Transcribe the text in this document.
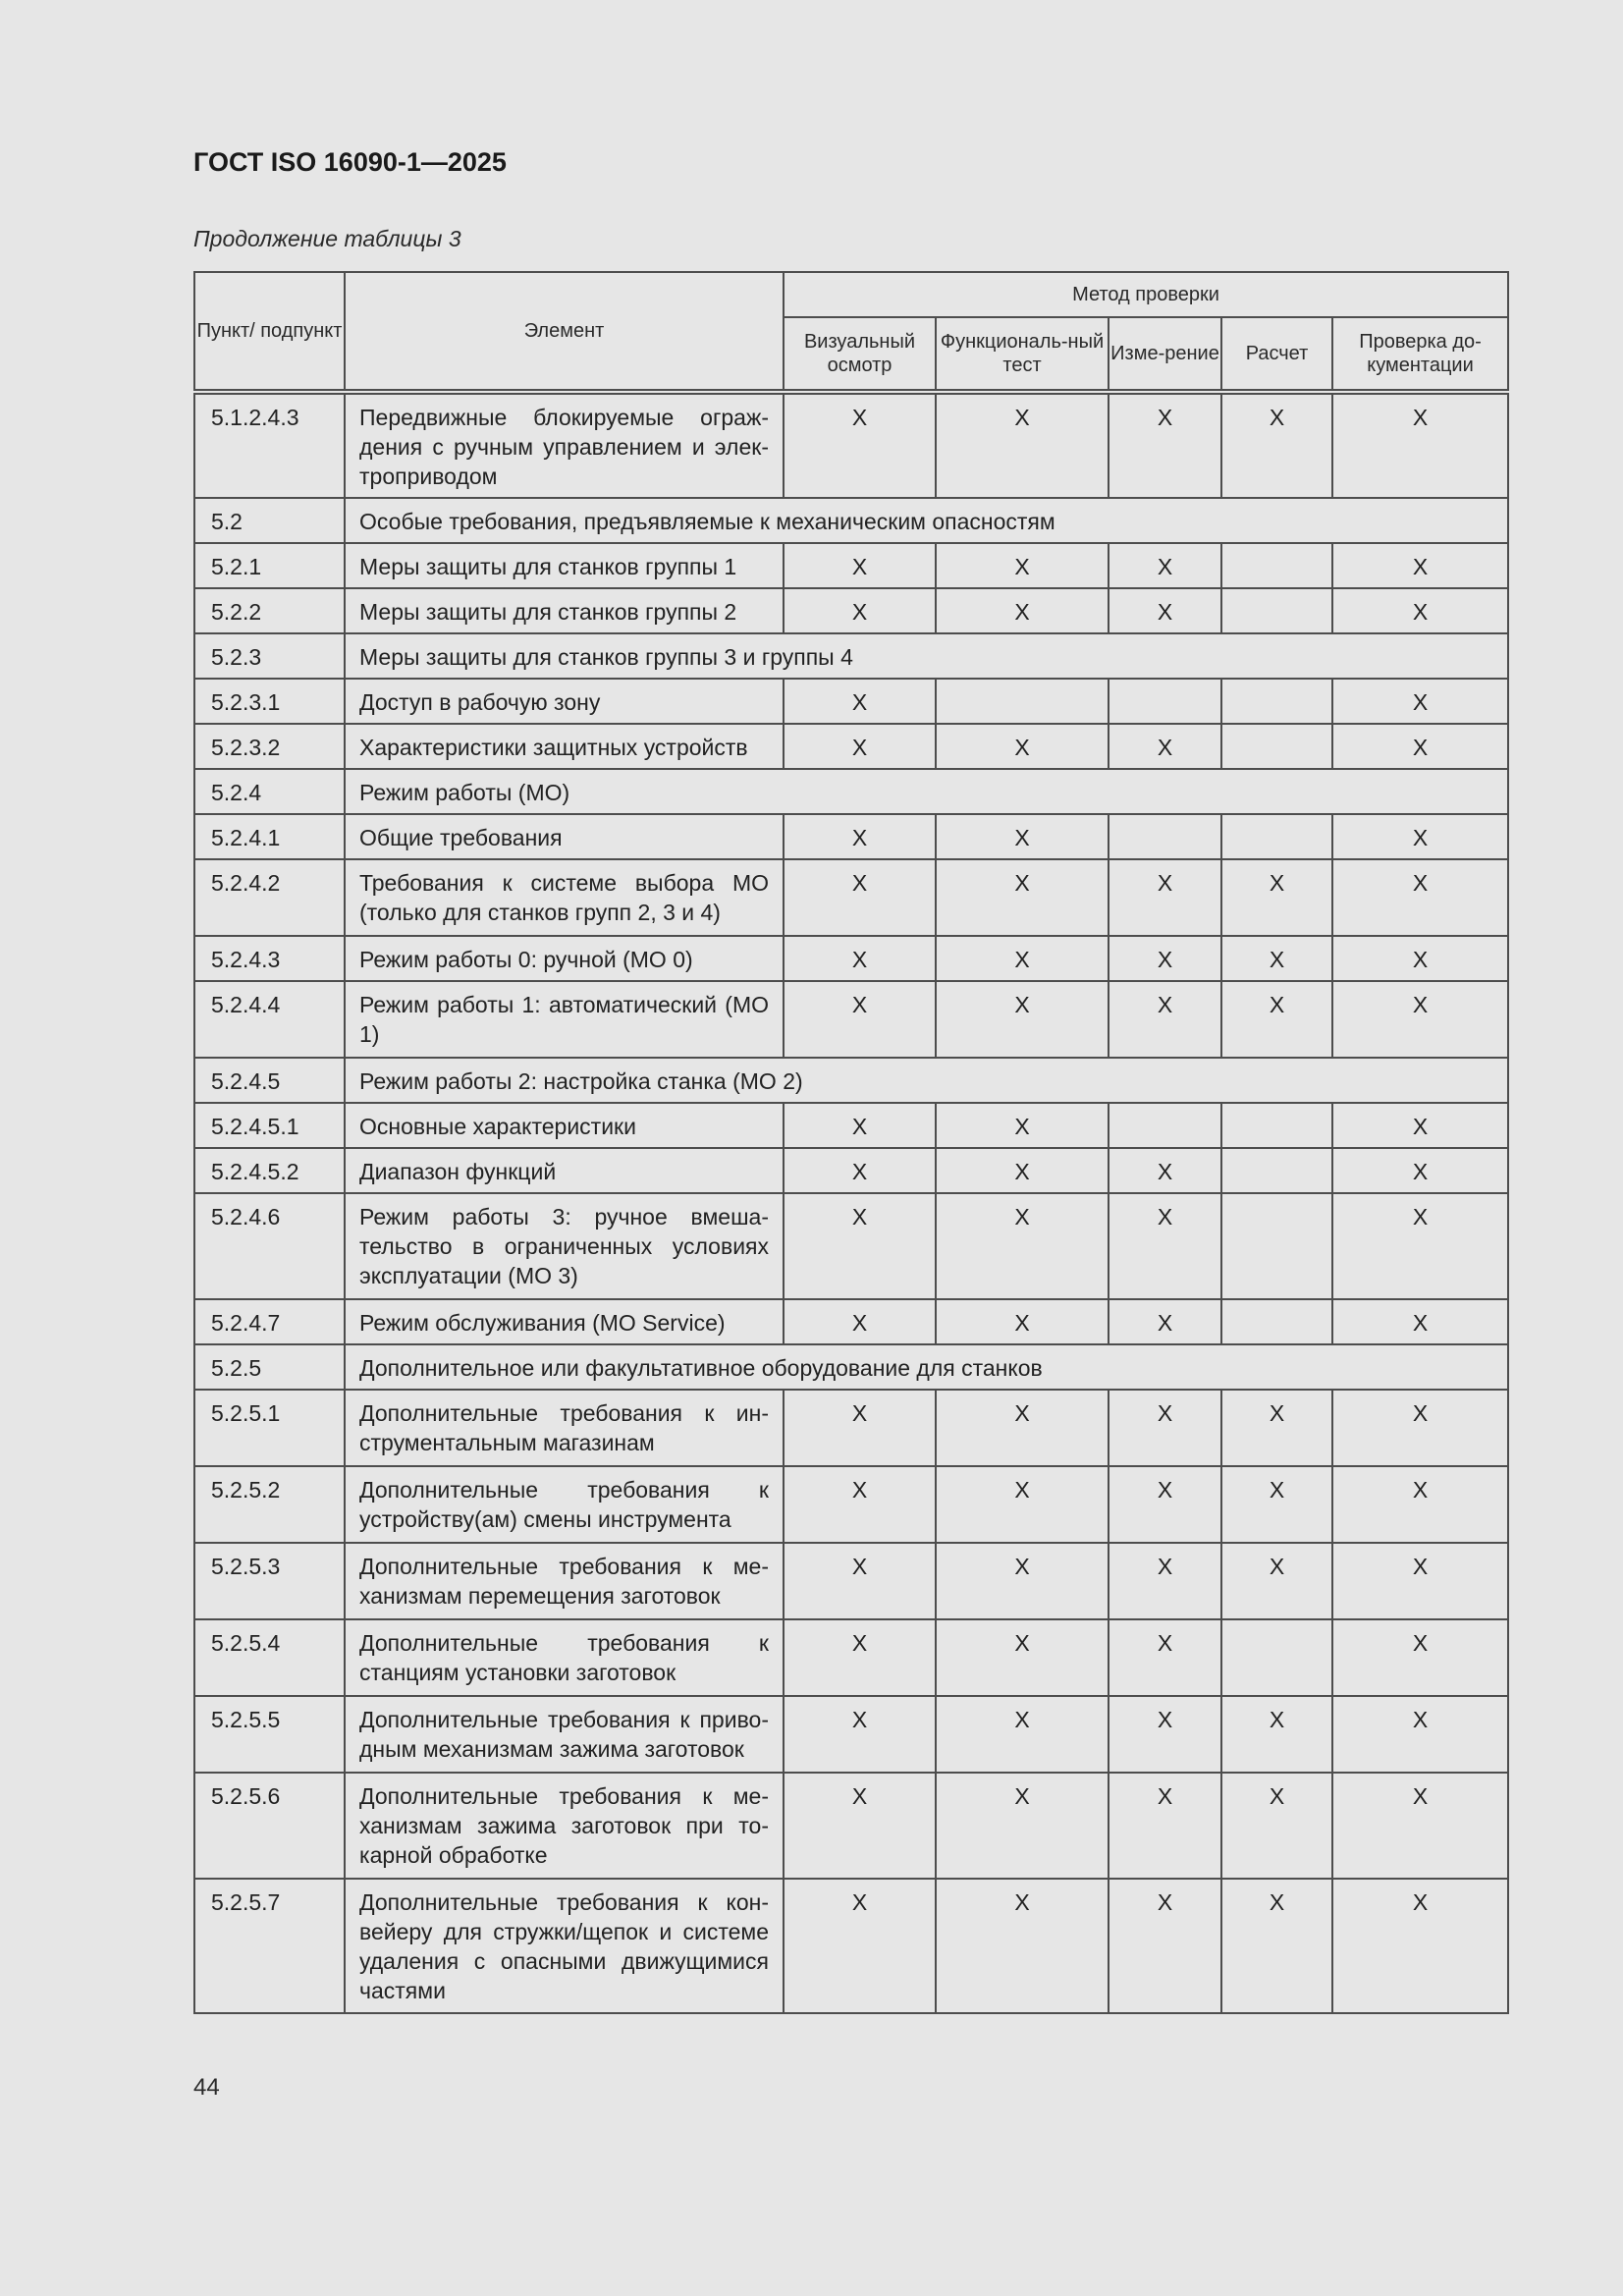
ГОСТ ISO 16090-1—2025
Продолжение таблицы 3
Пункт/ подпункт	Элемент	Метод проверки				
		Визуальный осмотр	Функциональ-ный тест	Изме-рение	Расчет	Проверка до-кументации
5.1.2.4.3	Передвижные блокируемые ограждения с ручным управлением и электроприводом	X	X	X	X	X
5.2	Особые требования, предъявляемые к механическим опасностям					
5.2.1	Меры защиты для станков группы 1	X	X	X		X
5.2.2	Меры защиты для станков группы 2	X	X	X		X
5.2.3	Меры защиты для станков группы 3 и группы 4					
5.2.3.1	Доступ в рабочую зону	X				X
5.2.3.2	Характеристики защитных устройств	X	X	X		X
5.2.4	Режим работы (МО)					
5.2.4.1	Общие требования	X	X			X
5.2.4.2	Требования к системе выбора МО (только для станков групп 2, 3 и 4)	X	X	X	X	X
5.2.4.3	Режим работы 0: ручной (МО 0)	X	X	X	X	X
5.2.4.4	Режим работы 1: автоматический (МО 1)	X	X	X	X	X
5.2.4.5	Режим работы 2: настройка станка (МО 2)					
5.2.4.5.1	Основные характеристики	X	X			X
5.2.4.5.2	Диапазон функций	X	X	X		X
5.2.4.6	Режим работы 3: ручное вмешательство в ограниченных условиях эксплуатации (МО 3)	X	X	X		X
5.2.4.7	Режим обслуживания (МО Service)	X	X	X		X
5.2.5	Дополнительное или факультативное оборудование для станков					
5.2.5.1	Дополнительные требования к инструментальным магазинам	X	X	X	X	X
5.2.5.2	Дополнительные требования к устройству(ам) смены инструмента	X	X	X	X	X
5.2.5.3	Дополнительные требования к механизмам перемещения заготовок	X	X	X	X	X
5.2.5.4	Дополнительные требования к станциям установки заготовок	X	X	X		X
5.2.5.5	Дополнительные требования к приводным механизмам зажима заготовок	X	X	X	X	X
5.2.5.6	Дополнительные требования к механизмам зажима заготовок при токарной обработке	X	X	X	X	X
5.2.5.7	Дополнительные требования к конвейеру для стружки/щепок и системе удаления с опасными движущимися частями	X	X	X	X	X
44
